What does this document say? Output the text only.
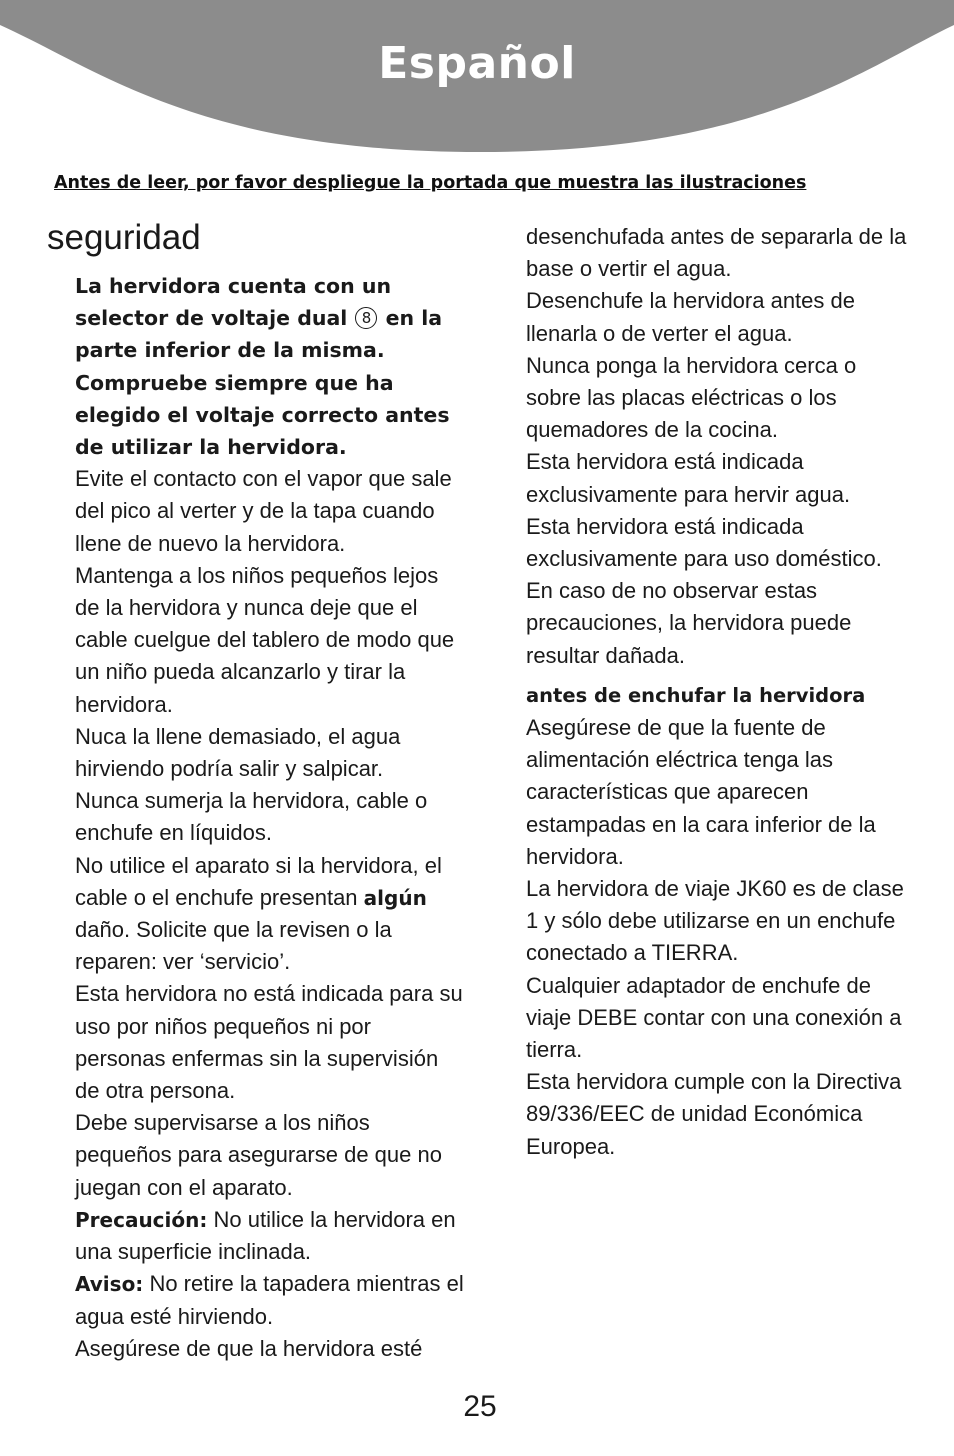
Español
Antes de leer, por favor despliegue la portada que muestra las ilustraciones
seguridad

La hervidora cuenta con un selector de voltaje dual 8 en la parte inferior de la misma. Compruebe siempre que ha elegido el voltaje correcto antes de utilizar la hervidora.

Evite el contacto con el vapor que sale del pico al verter y de la tapa cuando llene de nuevo la hervidora.

Mantenga a los niños pequeños lejos de la hervidora y nunca deje que el cable cuelgue del tablero de modo que un niño pueda alcanzarlo y tirar la hervidora.

Nuca la llene demasiado, el agua hirviendo podría salir y salpicar.

Nunca sumerja la hervidora, cable o enchufe en líquidos.

No utilice el aparato si la hervidora, el cable o el enchufe presentan algún daño. Solicite que la revisen o la reparen: ver ‘servicio’.

Esta hervidora no está indicada para su uso por niños pequeños ni por personas enfermas sin la supervisión de otra persona.

Debe supervisarse a los niños pequeños para asegurarse de que no juegan con el aparato.

Precaución: No utilice la hervidora en una superficie inclinada.

Aviso: No retire la tapadera mientras el agua esté hirviendo.

Asegúrese de que la hervidora esté

desenchufada antes de separarla de la base o vertir el agua.

Desenchufe la hervidora antes de llenarla o de verter el agua.

Nunca ponga la hervidora cerca o sobre las placas eléctricas o los quemadores de la cocina.

Esta hervidora está indicada exclusivamente para hervir agua.

Esta hervidora está indicada exclusivamente para uso doméstico.

En caso de no observar estas precauciones, la hervidora puede resultar dañada.

antes de enchufar la hervidora

Asegúrese de que la fuente de alimentación eléctrica tenga las características que aparecen estampadas en la cara inferior de la hervidora.

La hervidora de viaje JK60 es de clase 1 y sólo debe utilizarse en un enchufe conectado a TIERRA.

Cualquier adaptador de enchufe de viaje DEBE contar con una conexión a tierra.

Esta hervidora cumple con la Directiva 89/336/EEC de unidad Económica Europea.

25
